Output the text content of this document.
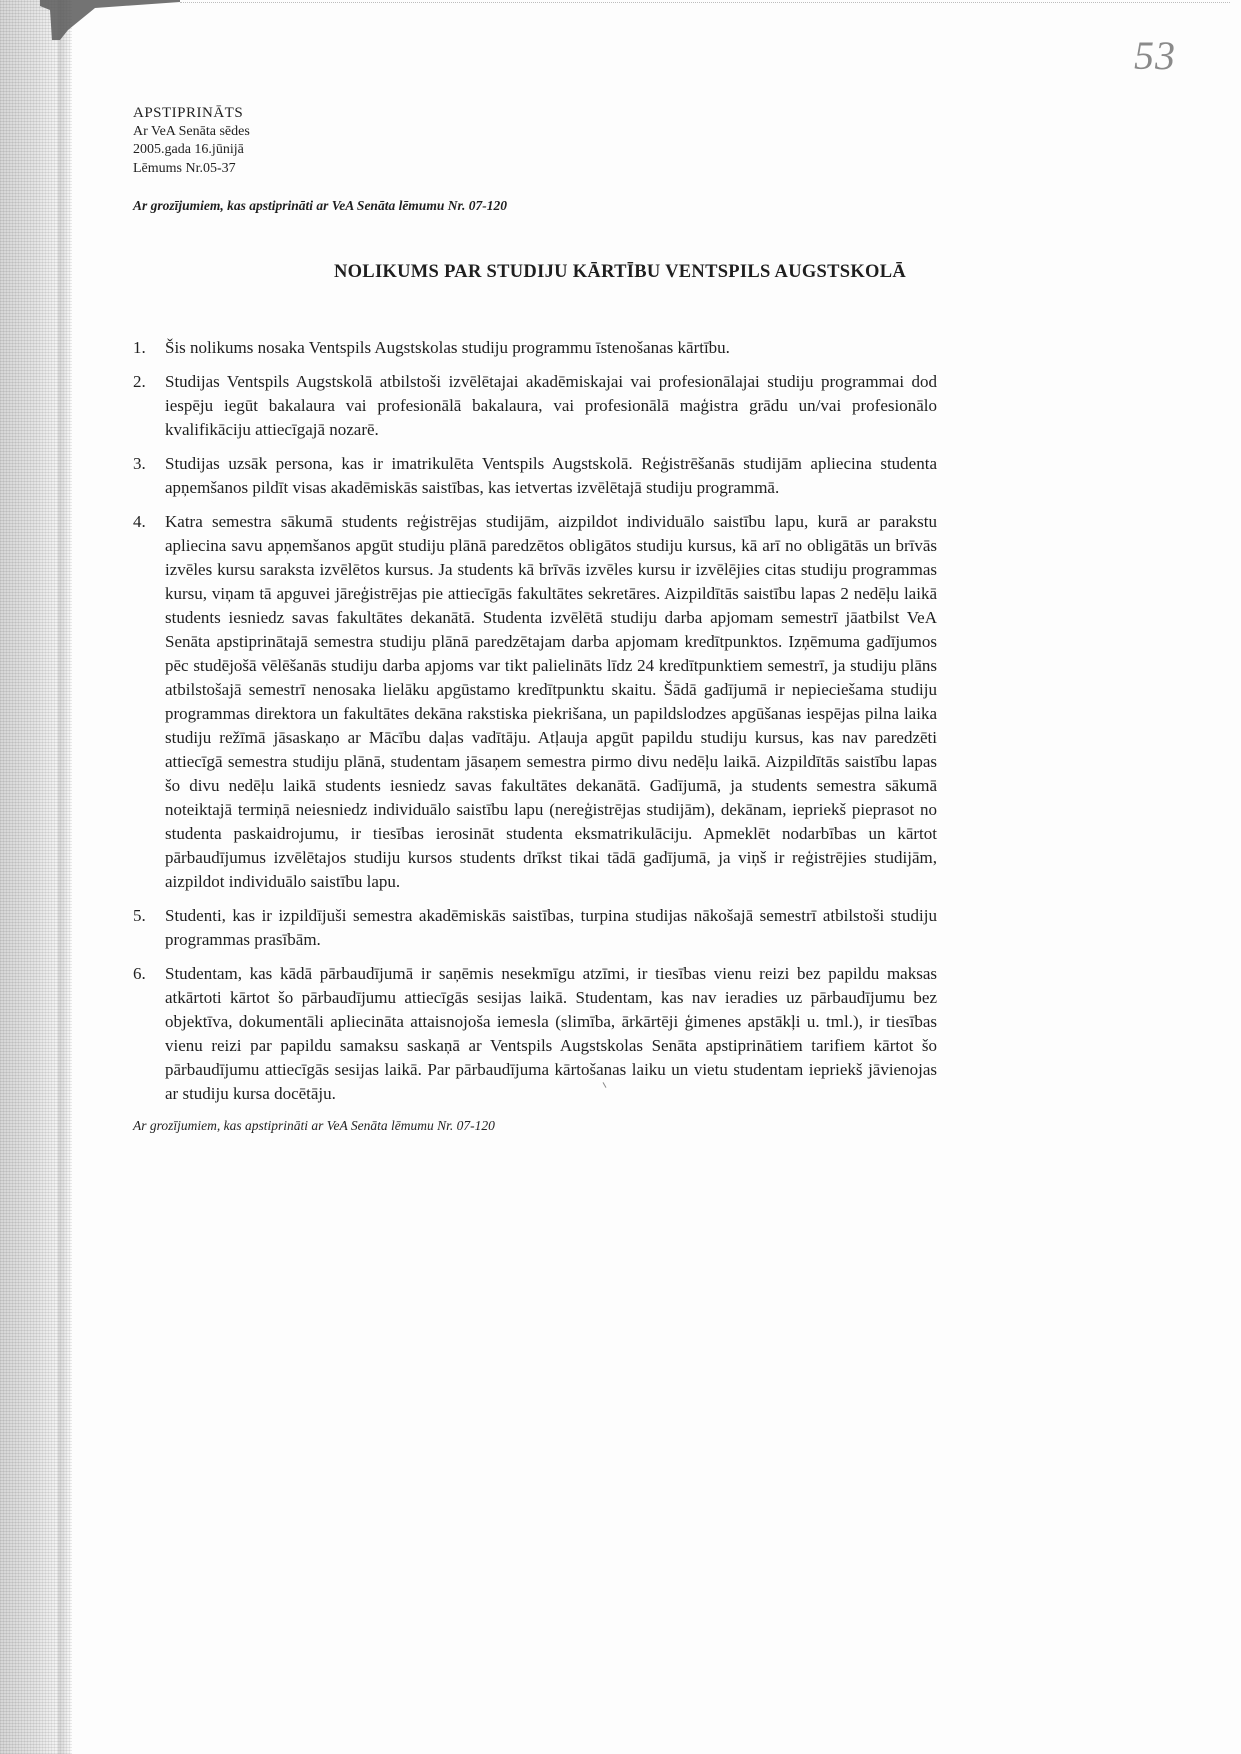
53
APSTIPRINĀTS
Ar VeA Senāta sēdes
2005.gada 16.jūnijā
Lēmums Nr.05-37
Ar grozījumiem, kas apstiprināti ar VeA Senāta lēmumu Nr. 07-120
NOLIKUMS PAR STUDIJU KĀRTĪBU VENTSPILS AUGSTSKOLĀ
1.	Šis nolikums nosaka Ventspils Augstskolas studiju programmu īstenošanas kārtību.
2.	Studijas Ventspils Augstskolā atbilstoši izvēlētajai akadēmiskajai vai profesionālajai studiju programmai dod iespēju iegūt bakalaura vai profesionālā bakalaura, vai profesionālā maģistra grādu un/vai profesionālo kvalifikāciju attiecīgajā nozarē.
3.	Studijas uzsāk persona, kas ir imatrikulēta Ventspils Augstskolā. Reģistrēšanās studijām apliecina studenta apņemšanos pildīt visas akadēmiskās saistības, kas ietvertas izvēlētajā studiju programmā.
4.	Katra semestra sākumā students reģistrējas studijām, aizpildot individuālo saistību lapu, kurā ar parakstu apliecina savu apņemšanos apgūt studiju plānā paredzētos obligātos studiju kursus, kā arī no obligātās un brīvās izvēles kursu saraksta izvēlētos kursus. Ja students kā brīvās izvēles kursu ir izvēlējies citas studiju programmas kursu, viņam tā apguvei jāreģistrējas pie attiecīgās fakultātes sekretāres. Aizpildītās saistību lapas 2 nedēļu laikā students iesniedz savas fakultātes dekanātā. Studenta izvēlētā studiju darba apjomam semestrī jāatbilst VeA Senāta apstiprinātajā semestra studiju plānā paredzētajam darba apjomam kredītpunktos. Izņēmuma gadījumos pēc studējošā vēlēšanās studiju darba apjoms var tikt palielināts līdz 24 kredītpunktiem semestrī, ja studiju plāns atbilstošajā semestrī nenosaka lielāku apgūstamo kredītpunktu skaitu. Šādā gadījumā ir nepieciešama studiju programmas direktora un fakultātes dekāna rakstiska piekrišana, un papildslodzes apgūšanas iespējas pilna laika studiju režīmā jāsaskaņo ar Mācību daļas vadītāju. Atļauja apgūt papildu studiju kursus, kas nav paredzēti attiecīgā semestra studiju plānā, studentam jāsaņem semestra pirmo divu nedēļu laikā. Aizpildītās saistību lapas šo divu nedēļu laikā students iesniedz savas fakultātes dekanātā. Gadījumā, ja students semestra sākumā noteiktajā termiņā neiesniedz individuālo saistību lapu (nereģistrējas studijām), dekānam, iepriekš pieprasot no studenta paskaidrojumu, ir tiesības ierosināt studenta eksmatrikulāciju. Apmeklēt nodarbības un kārtot pārbaudījumus izvēlētajos studiju kursos students drīkst tikai tādā gadījumā, ja viņš ir reģistrējies studijām, aizpildot individuālo saistību lapu.
5.	Studenti, kas ir izpildījuši semestra akadēmiskās saistības, turpina studijas nākošajā semestrī atbilstoši studiju programmas prasībām.
6.	Studentam, kas kādā pārbaudījumā ir saņēmis nesekmīgu atzīmi, ir tiesības vienu reizi bez papildu maksas atkārtoti kārtot šo pārbaudījumu attiecīgās sesijas laikā. Studentam, kas nav ieradies uz pārbaudījumu bez objektīva, dokumentāli apliecināta attaisnojoša iemesla (slimība, ārkārtēji ģimenes apstākļi u. tml.), ir tiesības vienu reizi par papildu samaksu saskaņā ar Ventspils Augstskolas Senāta apstiprinātiem tarifiem kārtot šo pārbaudījumu attiecīgās sesijas laikā. Par pārbaudījuma kārtošanas laiku un vietu studentam iepriekš jāvienojas ar studiju kursa docētāju.
Ar grozījumiem, kas apstiprināti ar VeA Senāta lēmumu Nr. 07-120
